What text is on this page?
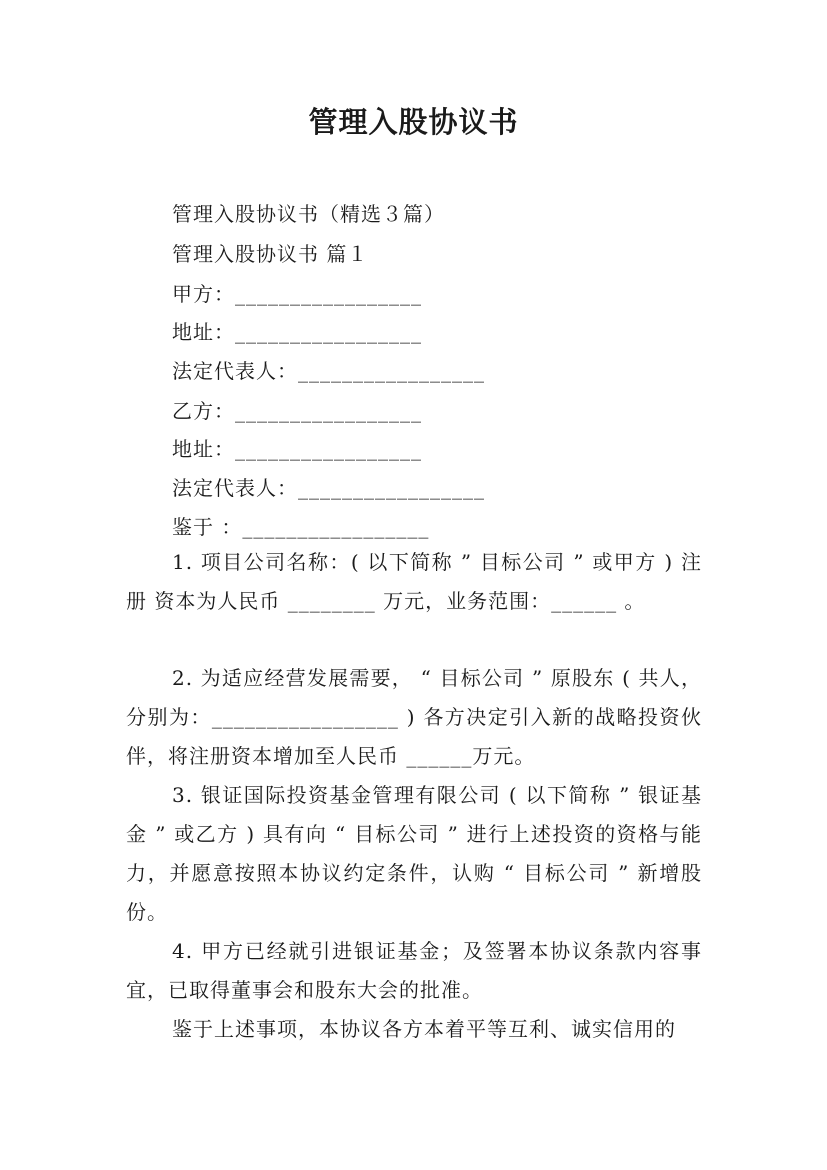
管理入股协议书
管理入股协议书（精选３篇）
管理入股协议书 篇１
甲方：_________________
地址：_________________
法定代表人：_________________
乙方：_________________
地址：_________________
法定代表人：_________________
鉴于 ：_________________
1. 项目公司名称：( 以下简称 ” 目标公司 ” 或甲方 ) 注册 资本为人民币 ________ 万元，业务范围：______ 。
2. 为适应经营发展需要， “ 目标公司 ” 原股东 ( 共人，分别为：_________________ ) 各方决定引入新的战略投资伙伴，将注册资本增加至人民币 ______万元。
3. 银证国际投资基金管理有限公司 ( 以下简称 ” 银证基金 ” 或乙方 ) 具有向 “ 目标公司 ” 进行上述投资的资格与能力，并愿意按照本协议约定条件，认购 “ 目标公司 ” 新增股份。
4. 甲方已经就引进银证基金；及签署本协议条款内容事宜，已取得董事会和股东大会的批准。
鉴于上述事项，本协议各方本着平等互利、诚实信用的
